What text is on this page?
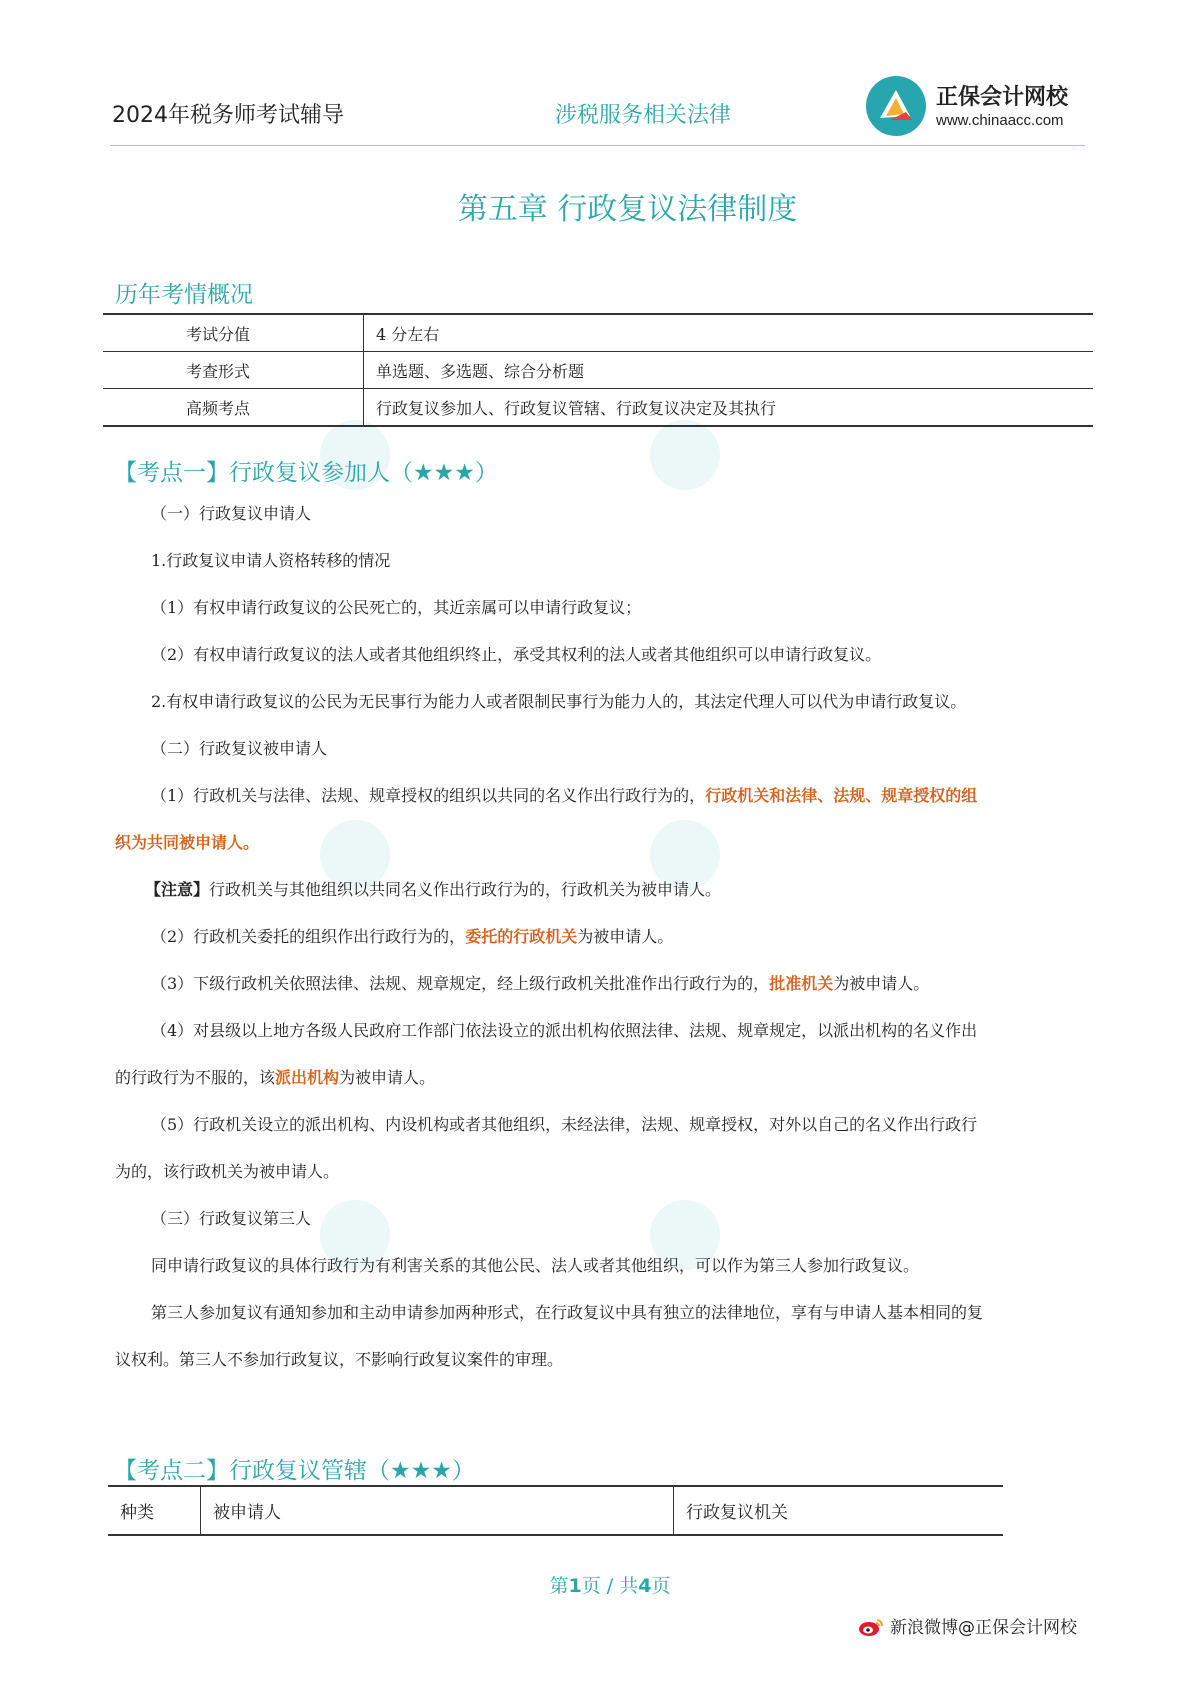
2024年税务师考试辅导	涉税服务相关法律
正保会计网校
www.chinaacc.com
第五章 行政复议法律制度
历年考情概况
考试分值	4 分左右
考查形式	单选题、多选题、综合分析题
高频考点	行政复议参加人、行政复议管辖、行政复议决定及其执行
【考点一】行政复议参加人（★★★）
（一）行政复议申请人
1.行政复议申请人资格转移的情况
（1）有权申请行政复议的公民死亡的，其近亲属可以申请行政复议；
（2）有权申请行政复议的法人或者其他组织终止，承受其权利的法人或者其他组织可以申请行政复议。
2.有权申请行政复议的公民为无民事行为能力人或者限制民事行为能力人的，其法定代理人可以代为申请行政复议。
（二）行政复议被申请人
（1）行政机关与法律、法规、规章授权的组织以共同的名义作出行政行为的，行政机关和法律、法规、规章授权的组
织为共同被申请人。
【注意】行政机关与其他组织以共同名义作出行政行为的，行政机关为被申请人。
（2）行政机关委托的组织作出行政行为的，委托的行政机关为被申请人。
（3）下级行政机关依照法律、法规、规章规定，经上级行政机关批准作出行政行为的，批准机关为被申请人。
（4）对县级以上地方各级人民政府工作部门依法设立的派出机构依照法律、法规、规章规定，以派出机构的名义作出
的行政行为不服的，该派出机构为被申请人。
（5）行政机关设立的派出机构、内设机构或者其他组织，未经法律，法规、规章授权，对外以自己的名义作出行政行
为的，该行政机关为被申请人。
（三）行政复议第三人
同申请行政复议的具体行政行为有利害关系的其他公民、法人或者其他组织，可以作为第三人参加行政复议。
第三人参加复议有通知参加和主动申请参加两种形式，在行政复议中具有独立的法律地位，享有与申请人基本相同的复
议权利。第三人不参加行政复议，不影响行政复议案件的审理。
【考点二】行政复议管辖（★★★）
种类	被申请人	行政复议机关
第1页 / 共4页
新浪微博@正保会计网校
